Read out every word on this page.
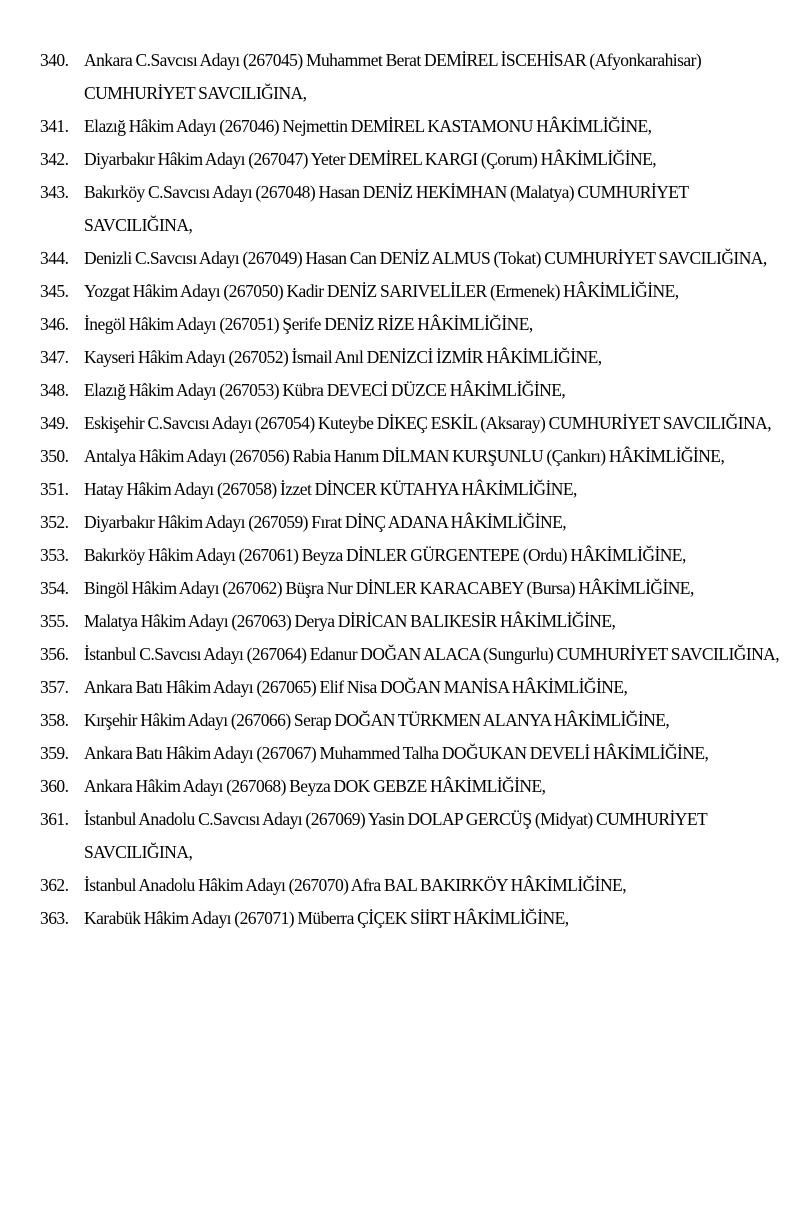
340. Ankara C.Savcısı Adayı (267045) Muhammet Berat DEMİREL İSCEHİSAR (Afyonkarahisar) CUMHURİYET SAVCILIĞINA,
341. Elazığ Hâkim Adayı (267046) Nejmettin DEMİREL KASTAMONU HÂKİMLİĞİNE,
342. Diyarbakır Hâkim Adayı (267047) Yeter DEMİREL KARGI (Çorum) HÂKİMLİĞİNE,
343. Bakırköy C.Savcısı Adayı (267048) Hasan DENİZ HEKİMHAN (Malatya) CUMHURİYET SAVCILIĞINA,
344. Denizli C.Savcısı Adayı (267049) Hasan Can DENİZ ALMUS (Tokat) CUMHURİYET SAVCILIĞINA,
345. Yozgat Hâkim Adayı (267050) Kadir DENİZ SARIVELİLER (Ermenek) HÂKİMLİĞİNE,
346. İnegöl Hâkim Adayı (267051) Şerife DENİZ RİZE HÂKİMLİĞİNE,
347. Kayseri Hâkim Adayı (267052) İsmail Anıl DENİZCİ İZMİR HÂKİMLİĞİNE,
348. Elazığ Hâkim Adayı (267053) Kübra DEVECİ DÜZCE HÂKİMLİĞİNE,
349. Eskişehir C.Savcısı Adayı (267054) Kuteybe DİKEÇ ESKİL (Aksaray) CUMHURİYET SAVCILIĞINA,
350. Antalya Hâkim Adayı (267056) Rabia Hanım DİLMAN KURŞUNLU (Çankırı) HÂKİMLİĞİNE,
351. Hatay Hâkim Adayı (267058) İzzet DİNCER KÜTAHYA HÂKİMLİĞİNE,
352. Diyarbakır Hâkim Adayı (267059) Fırat DİNÇ ADANA HÂKİMLİĞİNE,
353. Bakırköy Hâkim Adayı (267061) Beyza DİNLER GÜRGENTEPE (Ordu) HÂKİMLİĞİNE,
354. Bingöl Hâkim Adayı (267062) Büşra Nur DİNLER KARACABEY (Bursa) HÂKİMLİĞİNE,
355. Malatya Hâkim Adayı (267063) Derya DİRİCAN BALIKESİR HÂKİMLİĞİNE,
356. İstanbul C.Savcısı Adayı (267064) Edanur DOĞAN ALACA (Sungurlu) CUMHURİYET SAVCILIĞINA,
357. Ankara Batı Hâkim Adayı (267065) Elif Nisa DOĞAN MANİSA HÂKİMLİĞİNE,
358. Kırşehir Hâkim Adayı (267066) Serap DOĞAN TÜRKMEN ALANYA HÂKİMLİĞİNE,
359. Ankara Batı Hâkim Adayı (267067) Muhammed Talha DOĞUKAN DEVELİ HÂKİMLİĞİNE,
360. Ankara Hâkim Adayı (267068) Beyza DOK GEBZE HÂKİMLİĞİNE,
361. İstanbul Anadolu C.Savcısı Adayı (267069) Yasin DOLAP GERCÜŞ (Midyat) CUMHURİYET SAVCILIĞINA,
362. İstanbul Anadolu Hâkim Adayı (267070) Afra BAL BAKIRKÖY HÂKİMLİĞİNE,
363. Karabük Hâkim Adayı (267071) Müberra ÇİÇEK SİİRT HÂKİMLİĞİNE,
